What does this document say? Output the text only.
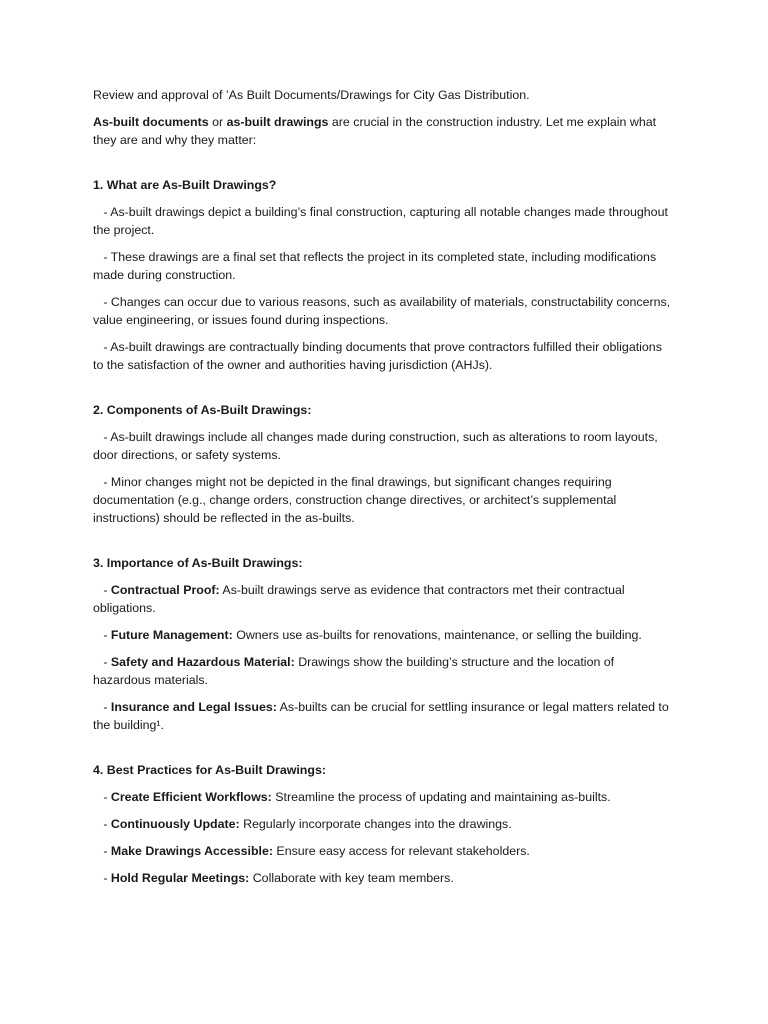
Review and approval of ’As Built Documents/Drawings for City Gas Distribution.

As-built documents or as-built drawings are crucial in the construction industry. Let me explain what they are and why they matter:

1. What are As-Built Drawings?

- As-built drawings depict a building’s final construction, capturing all notable changes made throughout the project.

- These drawings are a final set that reflects the project in its completed state, including modifications made during construction.

- Changes can occur due to various reasons, such as availability of materials, constructability concerns, value engineering, or issues found during inspections.

- As-built drawings are contractually binding documents that prove contractors fulfilled their obligations to the satisfaction of the owner and authorities having jurisdiction (AHJs).

2. Components of As-Built Drawings:

- As-built drawings include all changes made during construction, such as alterations to room layouts, door directions, or safety systems.

- Minor changes might not be depicted in the final drawings, but significant changes requiring documentation (e.g., change orders, construction change directives, or architect’s supplemental instructions) should be reflected in the as-builts.

3. Importance of As-Built Drawings:

- Contractual Proof: As-built drawings serve as evidence that contractors met their contractual obligations.

- Future Management: Owners use as-builts for renovations, maintenance, or selling the building.

- Safety and Hazardous Material: Drawings show the building’s structure and the location of hazardous materials.

- Insurance and Legal Issues: As-builts can be crucial for settling insurance or legal matters related to the building¹.

4. Best Practices for As-Built Drawings:

- Create Efficient Workflows: Streamline the process of updating and maintaining as-builts.

- Continuously Update: Regularly incorporate changes into the drawings.

- Make Drawings Accessible: Ensure easy access for relevant stakeholders.

- Hold Regular Meetings: Collaborate with key team members.
